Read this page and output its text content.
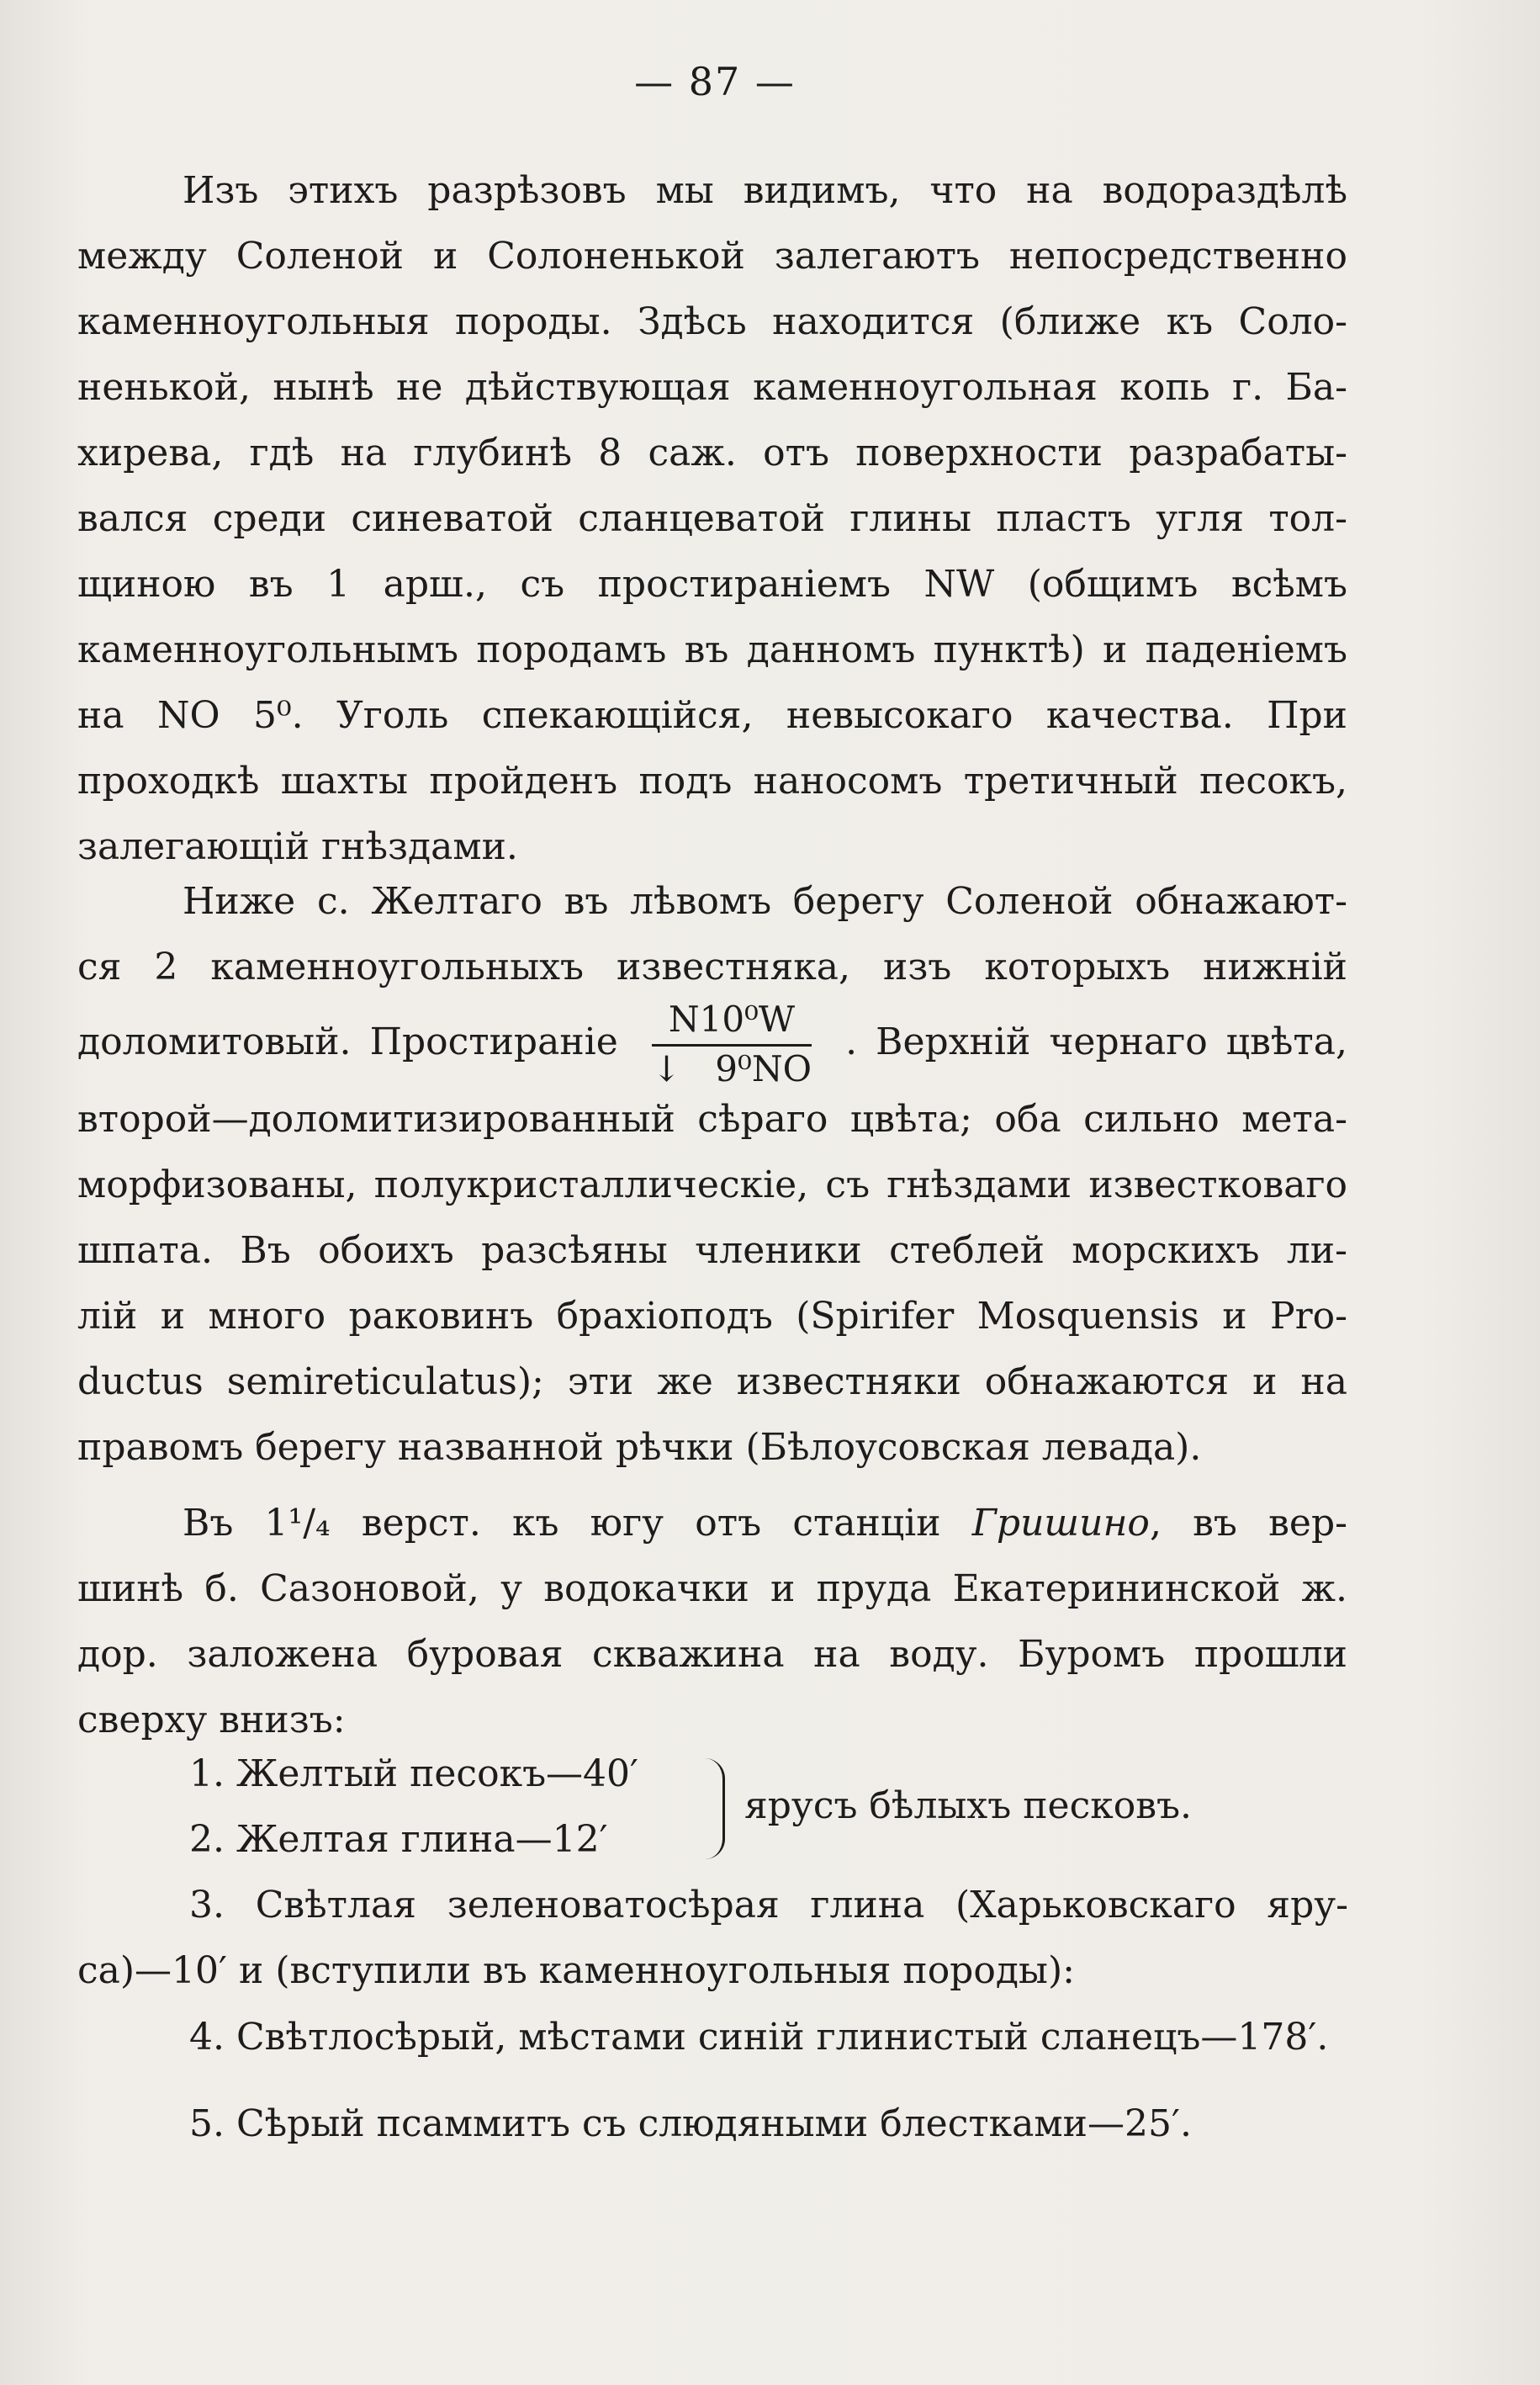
— 87 —

Изъ этихъ разрѣзовъ мы видимъ, что на водораздѣлѣ

между Соленой и Солоненькой залегаютъ непосредственно

каменноугольныя породы. Здѣсь находится (ближе къ Соло-

ненькой, нынѣ не дѣйствующая каменноугольная копь г. Ба-

хирева, гдѣ на глубинѣ 8 саж. отъ поверхности разрабаты-

вался среди синеватой сланцеватой глины пластъ угля тол-

щиною въ 1 арш., съ простираніемъ NW (общимъ всѣмъ

каменноугольнымъ породамъ въ данномъ пунктѣ) и паденіемъ

на NO 5⁰. Уголь спекающійся, невысокаго качества. При

проходкѣ шахты пройденъ подъ наносомъ третичный песокъ,

залегающій гнѣздами.

Ниже с. Желтаго въ лѣвомъ берегу Соленой обнажают-

ся 2 каменноугольныхъ известняка, изъ которыхъ нижній

доломитовый. Простираніе $\frac{\text{N10⁰W}}{\text{↓ 9⁰NO}}$ . Верхній чернаго цвѣта,

второй—доломитизированный сѣраго цвѣта; оба сильно мета-

морфизованы, полукристаллическіе, съ гнѣздами известковаго

шпата. Въ обоихъ разсѣяны членики стеблей морскихъ ли-

лій и много раковинъ брахіоподъ (Spirifer Mosquensis и Pro-

ductus semireticulatus); эти же известняки обнажаются и на

правомъ берегу названной рѣчки (Бѣлоусовская левада).

Въ 1¹/₄ верст. къ югу отъ станціи Гришино, въ вер-

шинѣ б. Сазоновой, у водокачки и пруда Екатерининской ж.

дор. заложена буровая скважина на воду. Буромъ прошли

сверху внизъ:

1. Желтый песокъ—40′
2. Желтая глина—12′
ярусъ бѣлыхъ песковъ.

3. Свѣтлая зеленоватосѣрая глина (Харьковскаго яру-

са)—10′ и (вступили въ каменноугольныя породы):

4. Свѣтлосѣрый, мѣстами синій глинистый сланецъ—178′.
5. Сѣрый псаммитъ съ слюдяными блестками—25′.
